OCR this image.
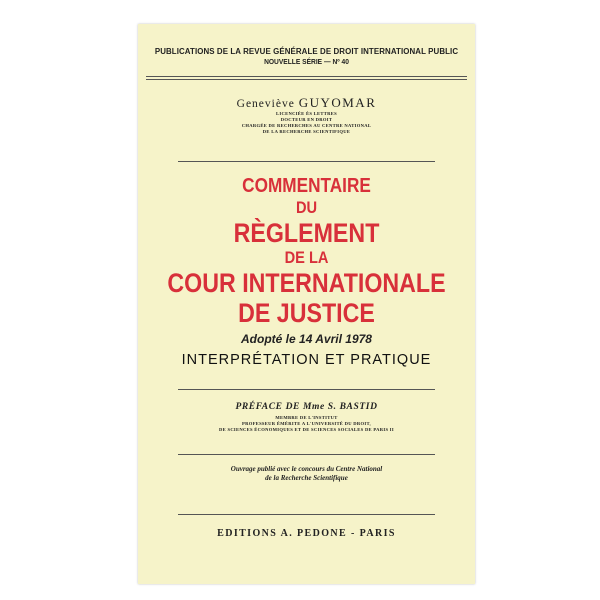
PUBLICATIONS DE LA REVUE GÉNÉRALE DE DROIT INTERNATIONAL PUBLIC
NOUVELLE SÉRIE — Nº 40
Geneviève GUYOMAR
LICENCIÉE ÈS LETTRES
DOCTEUR EN DROIT
CHARGÉE DE RECHERCHES AU CENTRE NATIONAL
DE LA RECHERCHE SCIENTIFIQUE
COMMENTAIRE
DU
RÈGLEMENT
DE LA
COUR INTERNATIONALE
DE JUSTICE
Adopté le 14 Avril 1978
INTERPRÉTATION ET PRATIQUE
PRÉFACE DE Mme S. BASTID
MEMBRE DE L'INSTITUT
PROFESSEUR ÉMÉRITE A L'UNIVERSITÉ DU DROIT,
DE SCIENCES ÉCONOMIQUES ET DE SCIENCES SOCIALES DE PARIS II
Ouvrage publié avec le concours du Centre National
de la Recherche Scientifique
EDITIONS A. PEDONE - PARIS
